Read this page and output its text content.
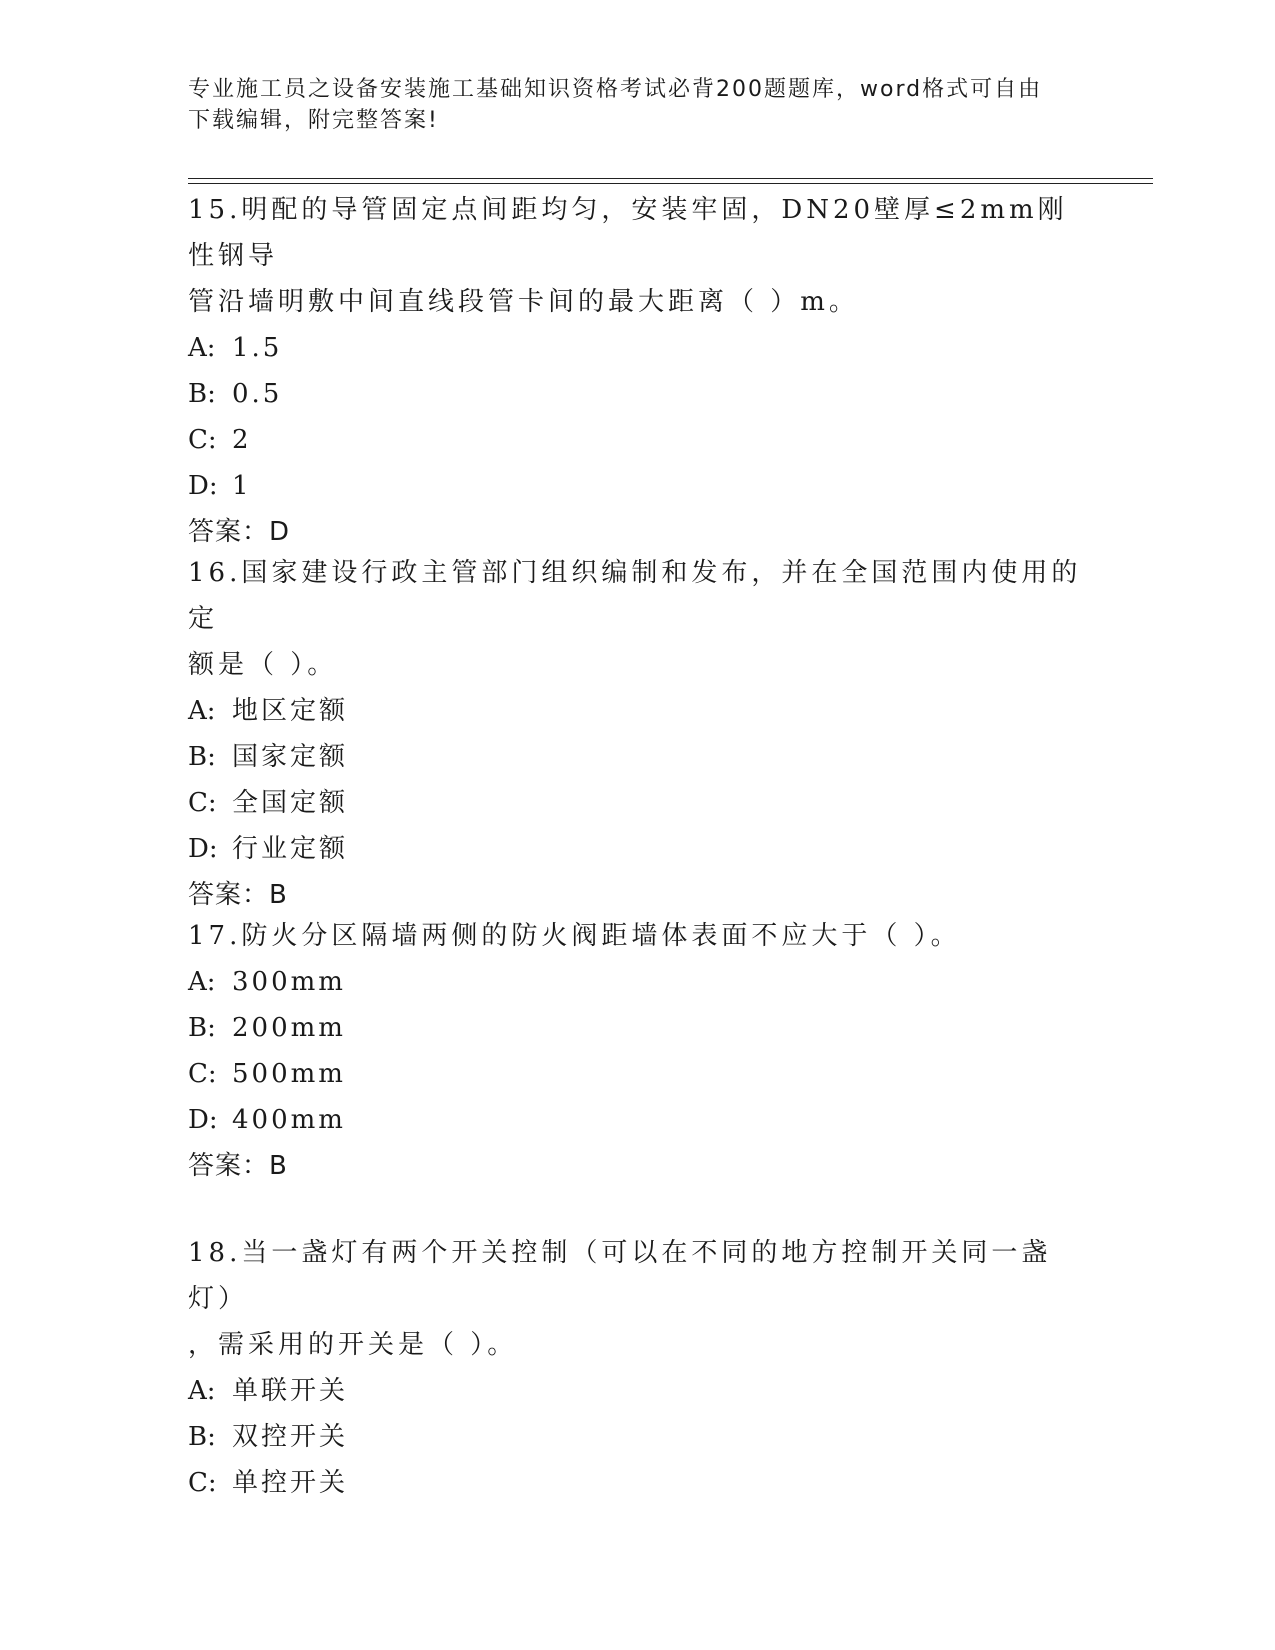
专业施工员之设备安装施工基础知识资格考试必背200题题库，word格式可自由
下载编辑，附完整答案!

15.明配的导管固定点间距均匀，安装牢固，DN20壁厚≤2mm刚性钢导
管沿墙明敷中间直线段管卡间的最大距离（ ）m。

A: 1.5

B: 0.5

C: 2

D: 1

答案：D

16.国家建设行政主管部门组织编制和发布，并在全国范围内使用的定
额是（ ）。

A: 地区定额

B: 国家定额

C: 全国定额

D: 行业定额

答案：B

17.防火分区隔墙两侧的防火阀距墙体表面不应大于（ ）。

A: 300mm

B: 200mm

C: 500mm

D: 400mm

答案：B

18.当一盏灯有两个开关控制（可以在不同的地方控制开关同一盏灯）
，需采用的开关是（ ）。

A: 单联开关

B: 双控开关

C: 单控开关
